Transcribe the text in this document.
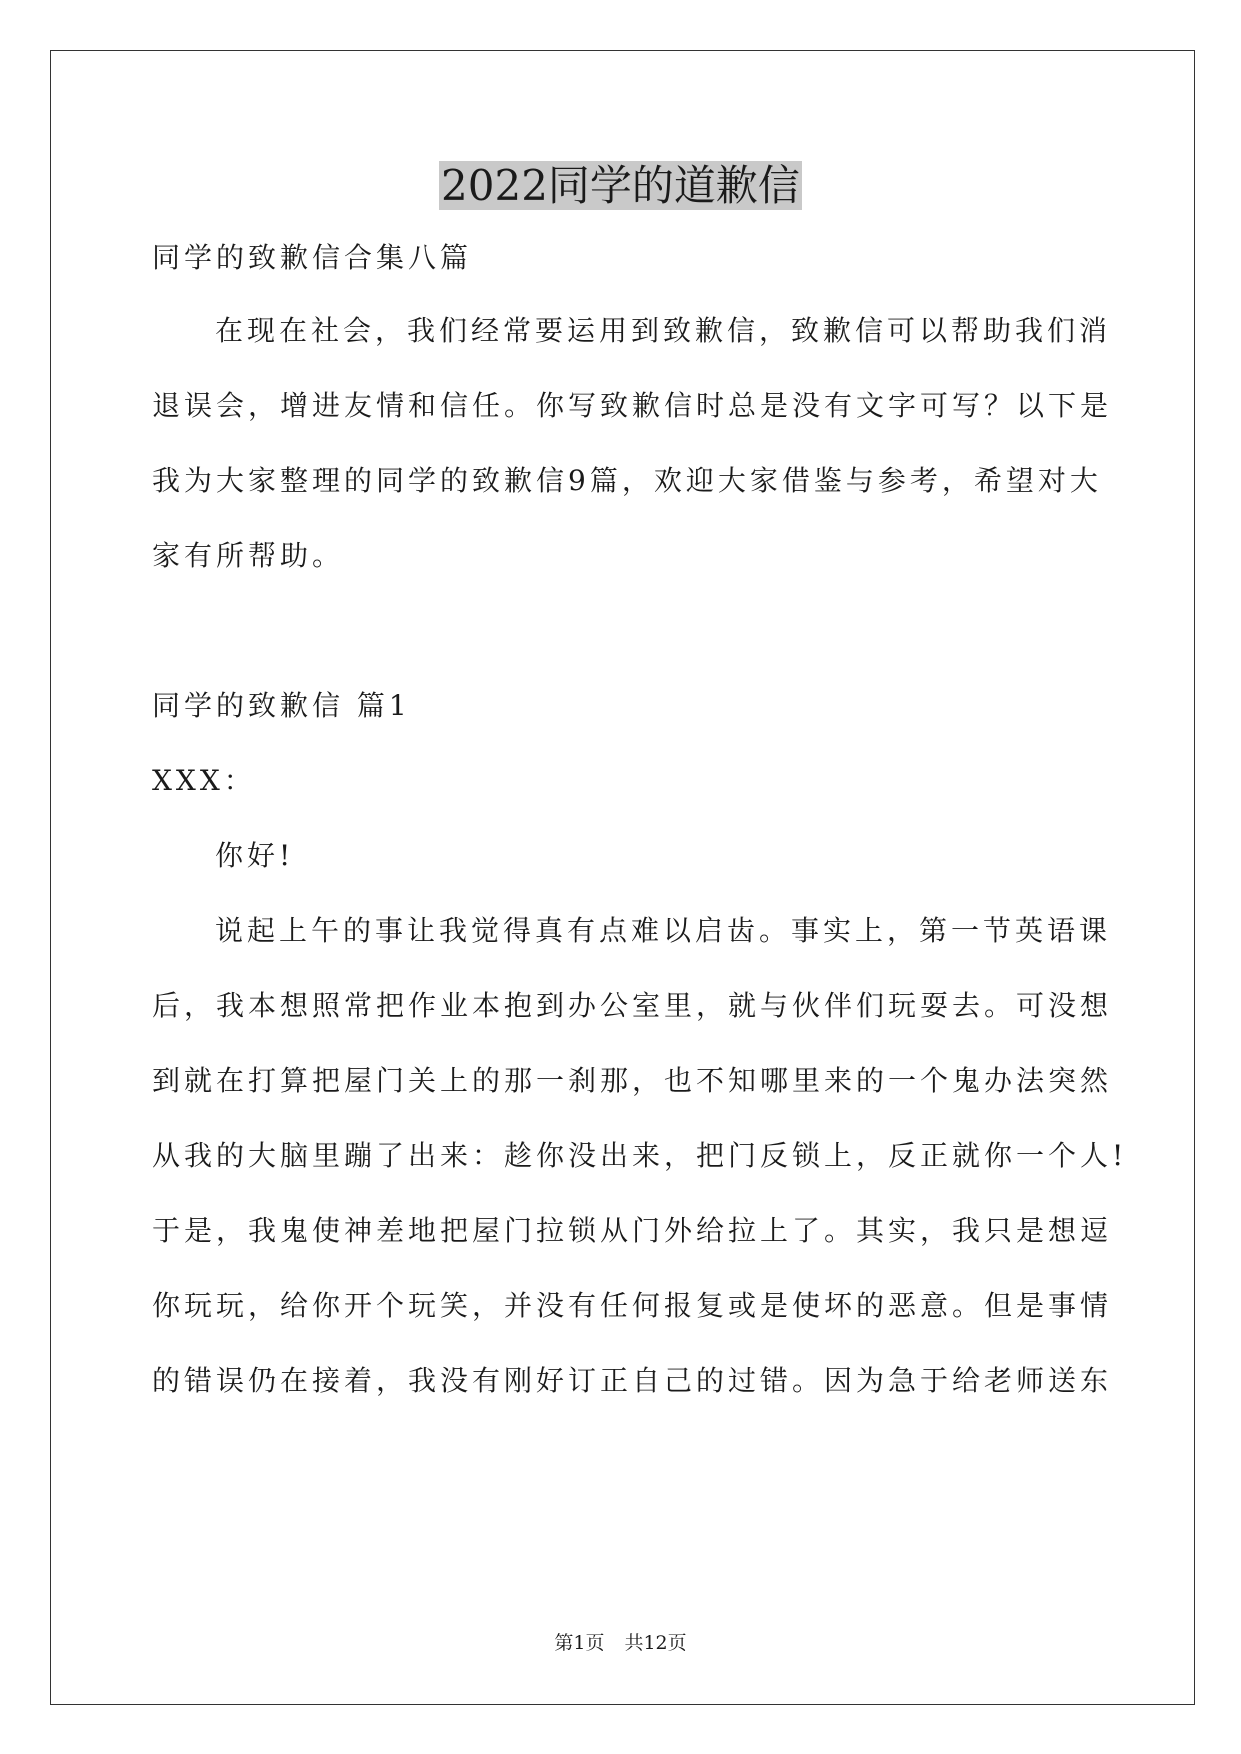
2022同学的道歉信

同学的致歉信合集八篇

在现在社会，我们经常要运用到致歉信，致歉信可以帮助我们消

退误会，增进友情和信任。你写致歉信时总是没有文字可写？以下是

我为大家整理的同学的致歉信9篇，欢迎大家借鉴与参考，希望对大

家有所帮助。

同学的致歉信 篇1

XXX：

你好!

说起上午的事让我觉得真有点难以启齿。事实上，第一节英语课

后，我本想照常把作业本抱到办公室里，就与伙伴们玩耍去。可没想

到就在打算把屋门关上的那一刹那，也不知哪里来的一个鬼办法突然

从我的大脑里蹦了出来：趁你没出来，把门反锁上，反正就你一个人!

于是，我鬼使神差地把屋门拉锁从门外给拉上了。其实，我只是想逗

你玩玩，给你开个玩笑，并没有任何报复或是使坏的恶意。但是事情

的错误仍在接着，我没有刚好订正自己的过错。因为急于给老师送东

第1页 共12页
